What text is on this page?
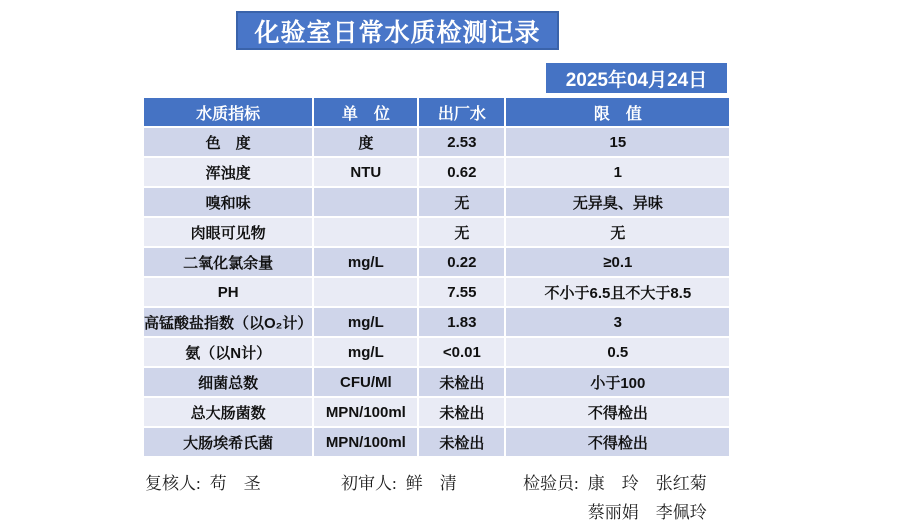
化验室日常水质检测记录
2025年04月24日
水质指标	单　位	出厂水	限　值
色　度	度	2.53	15
浑浊度	NTU	0.62	1
嗅和味		无	无异臭、异味
肉眼可见物		无	无
二氧化氯余量	mg/L	0.22	≥0.1
PH		7.55	不小于6.5且不大于8.5
高锰酸盐指数（以O₂计）	mg/L	1.83	3
氨（以N计）	mg/L	<0.01	0.5
细菌总数	CFU/Ml	未检出	小于100
总大肠菌数	MPN/100ml	未检出	不得检出
大肠埃希氏菌	MPN/100ml	未检出	不得检出
复核人: 苟　圣	初审人: 鲜　清	检验员: 康　玲　张红菊
蔡丽娟　李佩玲
